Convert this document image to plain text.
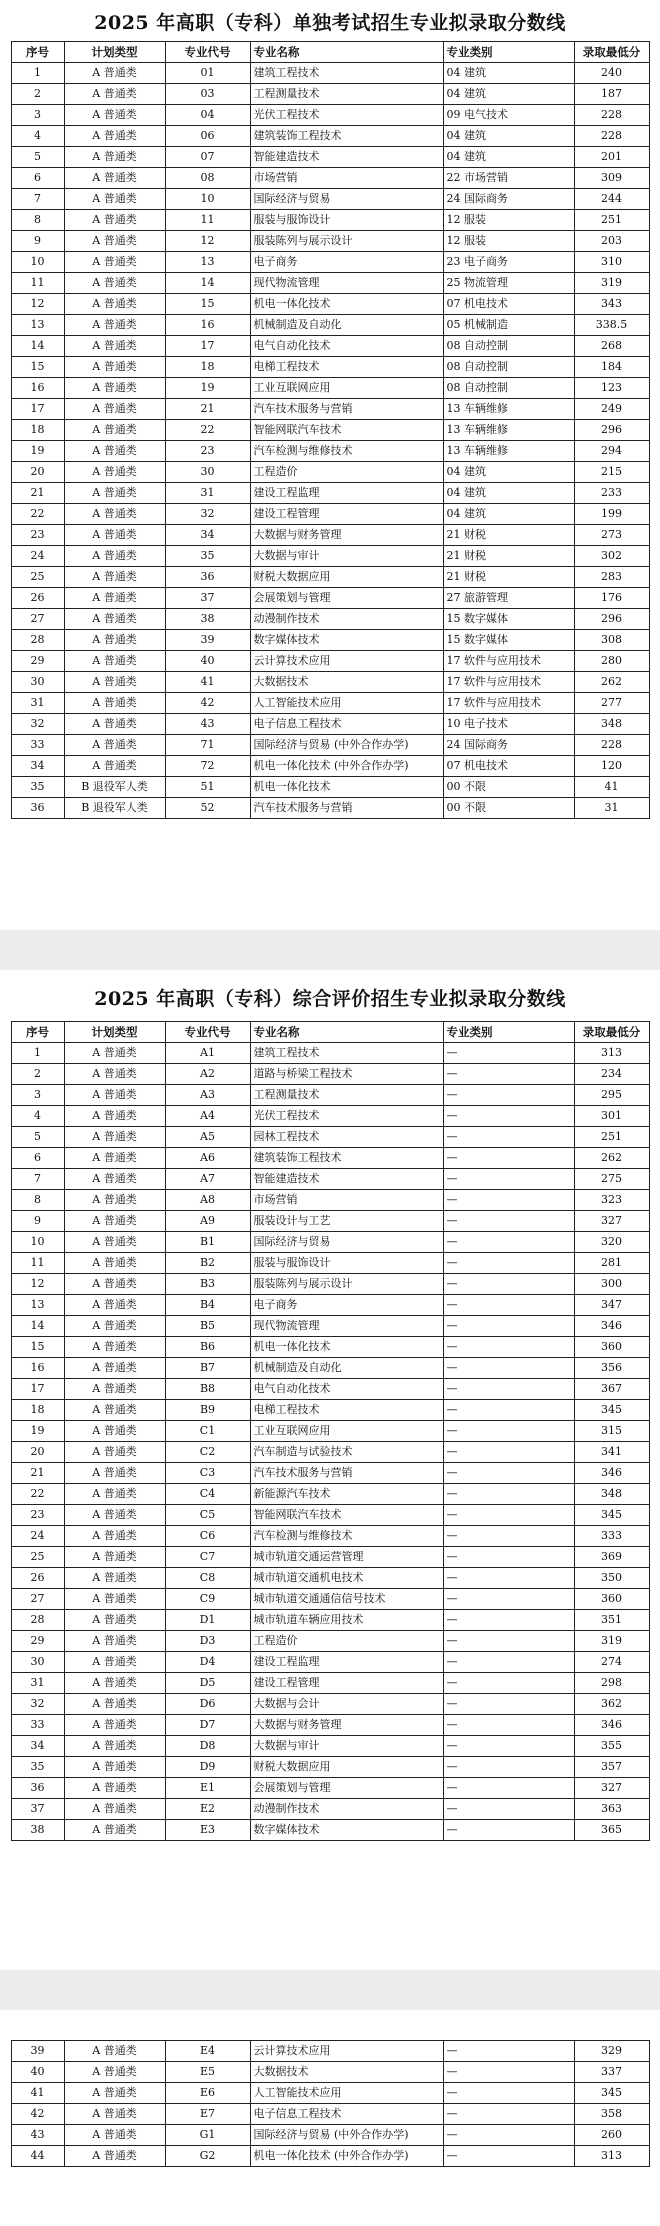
2025 年高职（专科）单独考试招生专业拟录取分数线
序号	计划类型	专业代号	专业名称	专业类别	录取最低分
1	A 普通类	01	建筑工程技术	04 建筑	240
2	A 普通类	03	工程测量技术	04 建筑	187
3	A 普通类	04	光伏工程技术	09 电气技术	228
4	A 普通类	06	建筑装饰工程技术	04 建筑	228
5	A 普通类	07	智能建造技术	04 建筑	201
6	A 普通类	08	市场营销	22 市场营销	309
7	A 普通类	10	国际经济与贸易	24 国际商务	244
8	A 普通类	11	服装与服饰设计	12 服装	251
9	A 普通类	12	服装陈列与展示设计	12 服装	203
10	A 普通类	13	电子商务	23 电子商务	310
11	A 普通类	14	现代物流管理	25 物流管理	319
12	A 普通类	15	机电一体化技术	07 机电技术	343
13	A 普通类	16	机械制造及自动化	05 机械制造	338.5
14	A 普通类	17	电气自动化技术	08 自动控制	268
15	A 普通类	18	电梯工程技术	08 自动控制	184
16	A 普通类	19	工业互联网应用	08 自动控制	123
17	A 普通类	21	汽车技术服务与营销	13 车辆维修	249
18	A 普通类	22	智能网联汽车技术	13 车辆维修	296
19	A 普通类	23	汽车检测与维修技术	13 车辆维修	294
20	A 普通类	30	工程造价	04 建筑	215
21	A 普通类	31	建设工程监理	04 建筑	233
22	A 普通类	32	建设工程管理	04 建筑	199
23	A 普通类	34	大数据与财务管理	21 财税	273
24	A 普通类	35	大数据与审计	21 财税	302
25	A 普通类	36	财税大数据应用	21 财税	283
26	A 普通类	37	会展策划与管理	27 旅游管理	176
27	A 普通类	38	动漫制作技术	15 数字媒体	296
28	A 普通类	39	数字媒体技术	15 数字媒体	308
29	A 普通类	40	云计算技术应用	17 软件与应用技术	280
30	A 普通类	41	大数据技术	17 软件与应用技术	262
31	A 普通类	42	人工智能技术应用	17 软件与应用技术	277
32	A 普通类	43	电子信息工程技术	10 电子技术	348
33	A 普通类	71	国际经济与贸易 (中外合作办学)	24 国际商务	228
34	A 普通类	72	机电一体化技术 (中外合作办学)	07 机电技术	120
35	B 退役军人类	51	机电一体化技术	00 不限	41
36	B 退役军人类	52	汽车技术服务与营销	00 不限	31
2025 年高职（专科）综合评价招生专业拟录取分数线
序号	计划类型	专业代号	专业名称	专业类别	录取最低分
1	A 普通类	A1	建筑工程技术	—	313
2	A 普通类	A2	道路与桥梁工程技术	—	234
3	A 普通类	A3	工程测量技术	—	295
4	A 普通类	A4	光伏工程技术	—	301
5	A 普通类	A5	园林工程技术	—	251
6	A 普通类	A6	建筑装饰工程技术	—	262
7	A 普通类	A7	智能建造技术	—	275
8	A 普通类	A8	市场营销	—	323
9	A 普通类	A9	服装设计与工艺	—	327
10	A 普通类	B1	国际经济与贸易	—	320
11	A 普通类	B2	服装与服饰设计	—	281
12	A 普通类	B3	服装陈列与展示设计	—	300
13	A 普通类	B4	电子商务	—	347
14	A 普通类	B5	现代物流管理	—	346
15	A 普通类	B6	机电一体化技术	—	360
16	A 普通类	B7	机械制造及自动化	—	356
17	A 普通类	B8	电气自动化技术	—	367
18	A 普通类	B9	电梯工程技术	—	345
19	A 普通类	C1	工业互联网应用	—	315
20	A 普通类	C2	汽车制造与试验技术	—	341
21	A 普通类	C3	汽车技术服务与营销	—	346
22	A 普通类	C4	新能源汽车技术	—	348
23	A 普通类	C5	智能网联汽车技术	—	345
24	A 普通类	C6	汽车检测与维修技术	—	333
25	A 普通类	C7	城市轨道交通运营管理	—	369
26	A 普通类	C8	城市轨道交通机电技术	—	350
27	A 普通类	C9	城市轨道交通通信信号技术	—	360
28	A 普通类	D1	城市轨道车辆应用技术	—	351
29	A 普通类	D3	工程造价	—	319
30	A 普通类	D4	建设工程监理	—	274
31	A 普通类	D5	建设工程管理	—	298
32	A 普通类	D6	大数据与会计	—	362
33	A 普通类	D7	大数据与财务管理	—	346
34	A 普通类	D8	大数据与审计	—	355
35	A 普通类	D9	财税大数据应用	—	357
36	A 普通类	E1	会展策划与管理	—	327
37	A 普通类	E2	动漫制作技术	—	363
38	A 普通类	E3	数字媒体技术	—	365
39	A 普通类	E4	云计算技术应用	—	329
40	A 普通类	E5	大数据技术	—	337
41	A 普通类	E6	人工智能技术应用	—	345
42	A 普通类	E7	电子信息工程技术	—	358
43	A 普通类	G1	国际经济与贸易 (中外合作办学)	—	260
44	A 普通类	G2	机电一体化技术 (中外合作办学)	—	313
